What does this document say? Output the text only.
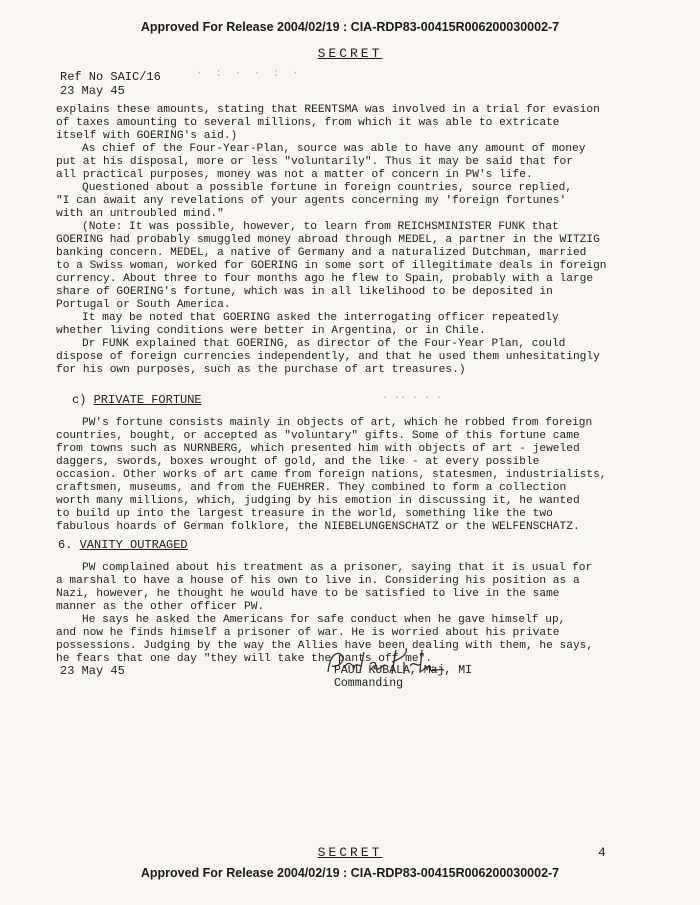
Approved For Release 2004/02/19 : CIA-RDP83-00415R006200030002-7
SECRET
Ref No SAIC/16
23 May 45
· : · · : ·
explains these amounts, stating that REENTSMA was involved in a trial for evasion
of taxes amounting to several millions, from which it was able to extricate
itself with GOERING's aid.)
As chief of the Four-Year-Plan, source was able to have any amount of money
put at his disposal, more or less "voluntarily". Thus it may be said that for
all practical purposes, money was not a matter of concern in PW's life.
Questioned about a possible fortune in foreign countries, source replied,
"I can await any revelations of your agents concerning my 'foreign fortunes'
with an untroubled mind."
(Note: It was possible, however, to learn from REICHSMINISTER FUNK that
GOERING had probably smuggled money abroad through MEDEL, a partner in the WITZIG
banking concern. MEDEL, a native of Germany and a naturalized Dutchman, married
to a Swiss woman, worked for GOERING in some sort of illegitimate deals in foreign
currency. About three to four months ago he flew to Spain, probably with a large
share of GOERING's fortune, which was in all likelihood to be deposited in
Portugal or South America.
It may be noted that GOERING asked the interrogating officer repeatedly
whether living conditions were better in Argentina, or in Chile.
Dr FUNK explained that GOERING, as director of the Four-Year Plan, could
dispose of foreign currencies independently, and that he used them unhesitatingly
for his own purposes, such as the purchase of art treasures.)
c) PRIVATE FORTUNE	· ·· · · ·
PW's fortune consists mainly in objects of art, which he robbed from foreign
countries, bought, or accepted as "voluntary" gifts. Some of this fortune came
from towns such as NURNBERG, which presented him with objects of art - jeweled
daggers, swords, boxes wrought of gold, and the like - at every possible
occasion. Other works of art came from foreign nations, statesmen, industrialists,
craftsmen, museums, and from the FUEHRER. They combined to form a collection
worth many millions, which, judging by his emotion in discussing it, he wanted
to build up into the largest treasure in the world, something like the two
fabulous hoards of German folklore, the NIEBELUNGENSCHATZ or the WELFENSCHATZ.
6. VANITY OUTRAGED
PW complained about his treatment as a prisoner, saying that it is usual for
a marshal to have a house of his own to live in. Considering his position as a
Nazi, however, he thought he would have to be satisfied to live in the same
manner as the other officer PW.
He says he asked the Americans for safe conduct when he gave himself up,
and now he finds himself a prisoner of war. He is worried about his private
possessions. Judging by the way the Allies have been dealing with them, he says,
he fears that one day "they will take the pants off me".
23 May 45	PAUL KUBALA, Maj, MI
Commanding
SECRET	4
Approved For Release 2004/02/19 : CIA-RDP83-00415R006200030002-7
